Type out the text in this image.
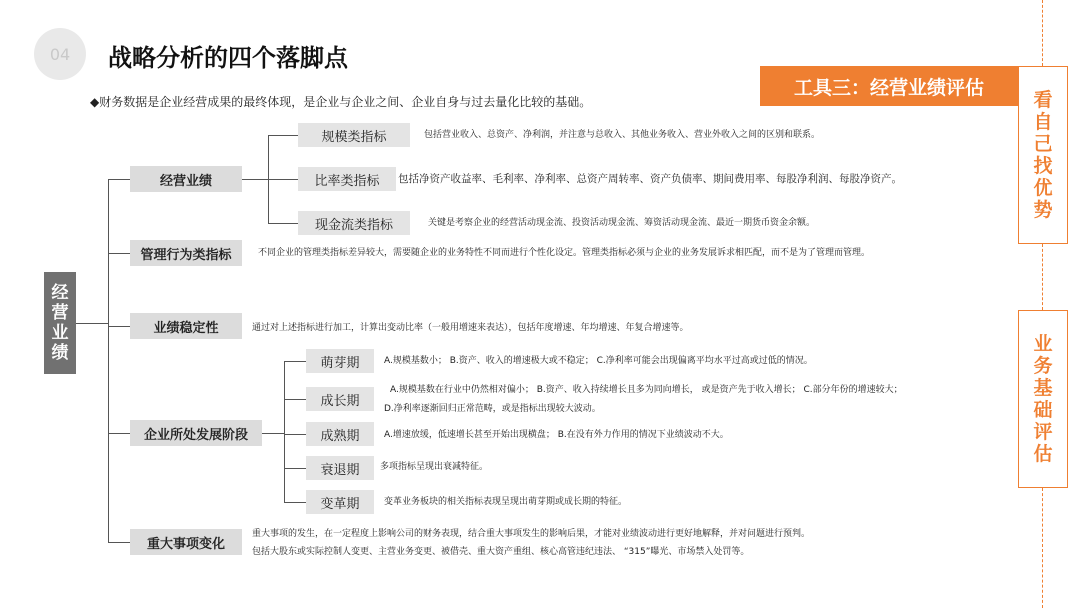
04	战略分析的四个落脚点
◆财务数据是企业经营成果的最终体现，是企业与企业之间、企业自身与过去量化比较的基础。
工具三：经营业绩评估
看
自
己
找
优
势
业
务
基
础
评
估
经
营
业
绩
经营业绩
管理行为类指标
业绩稳定性
企业所处发展阶段
重大事项变化
规模类指标
比率类指标
现金流类指标
包括营业收入、总资产、净利润，并注意与总收入、其他业务收入、营业外收入之间的区别和联系。
包括净资产收益率、毛利率、净利率、总资产周转率、资产负债率、期间费用率、每股净利润、每股净资产。
关键是考察企业的经营活动现金流、投资活动现金流、筹资活动现金流、最近一期货币资金余额。
不同企业的管理类指标差异较大，需要随企业的业务特性不同而进行个性化设定。管理类指标必须与企业的业务发展诉求相匹配，而不是为了管理而管理。
通过对上述指标进行加工，计算出变动比率（一般用增速来表达），包括年度增速、年均增速、年复合增速等。
萌芽期
成长期
成熟期
衰退期
变革期
A.规模基数小； B.资产、收入的增速极大或不稳定； C.净利率可能会出现偏离平均水平过高或过低的情况。
A.规模基数在行业中仍然相对偏小； B.资产、收入持续增长且多为同向增长， 或是资产先于收入增长； C.部分年份的增速较大；
D.净利率逐渐回归正常范畴，或是指标出现较大波动。
A.增速放缓，低速增长甚至开始出现横盘； B.在没有外力作用的情况下业绩波动不大。
多项指标呈现出衰减特征。
变革业务板块的相关指标表现呈现出萌芽期或成长期的特征。
重大事项的发生，在一定程度上影响公司的财务表现，结合重大事项发生的影响后果，才能对业绩波动进行更好地解释，并对问题进行预判。
包括大股东或实际控制人变更、主营业务变更、被借壳、重大资产重组、核心高管违纪违法、 “315”曝光、市场禁入处罚等。
